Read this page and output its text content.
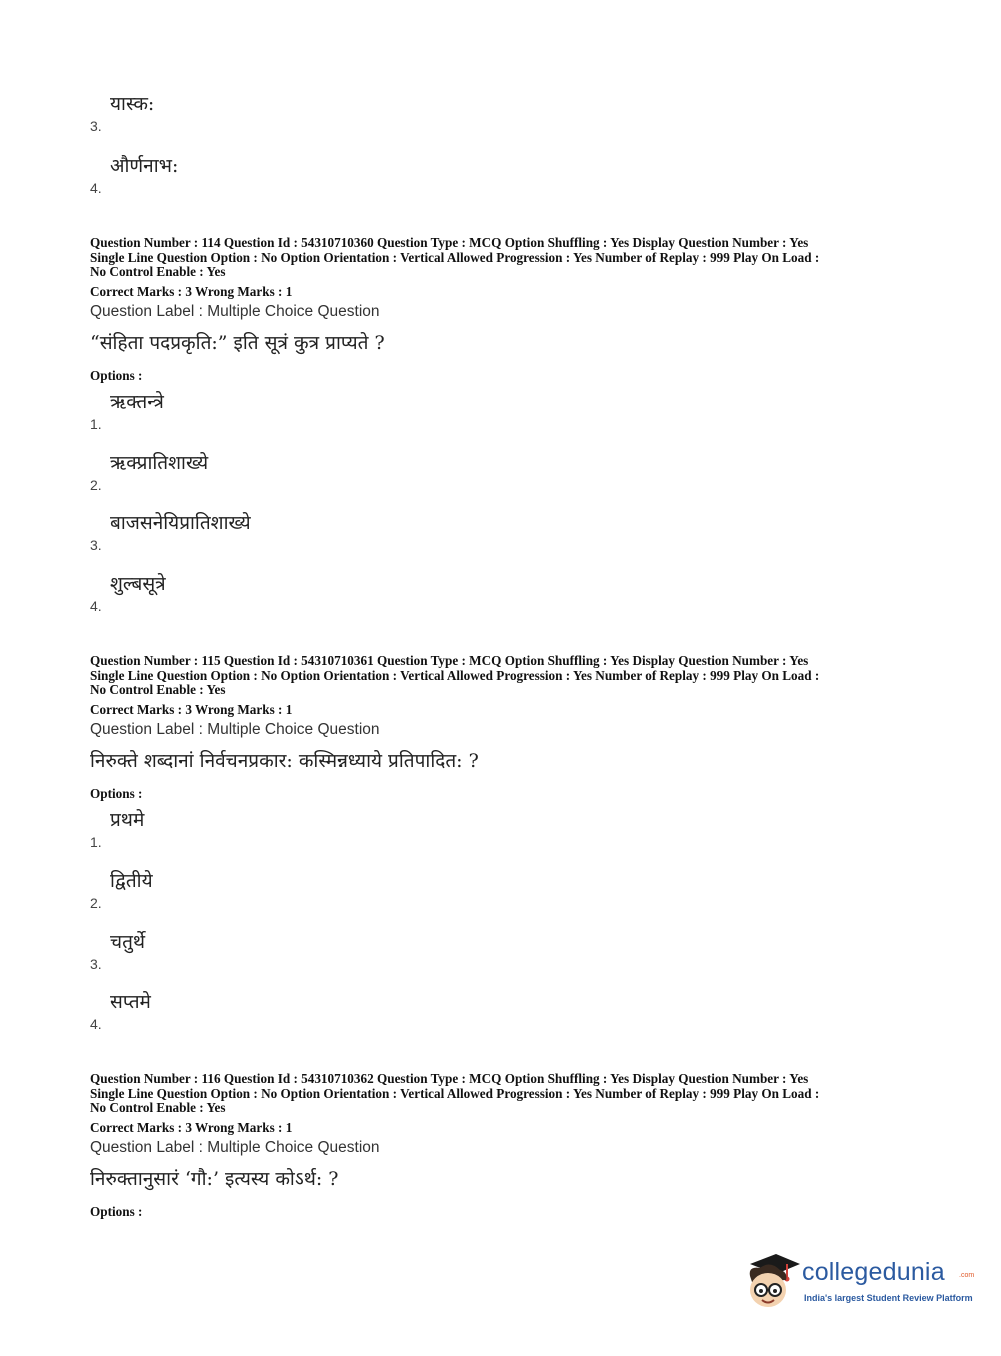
3.
यास्क:
4.
और्णनाभ:
Question Number : 114 Question Id : 54310710360 Question Type : MCQ Option Shuffling : Yes Display Question Number : Yes
Single Line Question Option : No Option Orientation : Vertical Allowed Progression : Yes Number of Replay : 999 Play On Load :
No Control Enable : Yes
Correct Marks : 3 Wrong Marks : 1
Question Label : Multiple Choice Question
“संहिता पदप्रकृति:” इति सूत्रं कुत्र प्राप्यते ?
Options :
1.
ऋक्तन्त्रे
2.
ऋक्प्रातिशाख्ये
3.
बाजसनेयिप्रातिशाख्ये
4.
शुल्बसूत्रे
Question Number : 115 Question Id : 54310710361 Question Type : MCQ Option Shuffling : Yes Display Question Number : Yes
Single Line Question Option : No Option Orientation : Vertical Allowed Progression : Yes Number of Replay : 999 Play On Load :
No Control Enable : Yes
Correct Marks : 3 Wrong Marks : 1
Question Label : Multiple Choice Question
निरुक्ते शब्दानां निर्वचनप्रकार: कस्मिन्नध्याये प्रतिपादित: ?
Options :
1.
प्रथमे
2.
द्वितीये
3.
चतुर्थे
4.
सप्तमे
Question Number : 116 Question Id : 54310710362 Question Type : MCQ Option Shuffling : Yes Display Question Number : Yes
Single Line Question Option : No Option Orientation : Vertical Allowed Progression : Yes Number of Replay : 999 Play On Load :
No Control Enable : Yes
Correct Marks : 3 Wrong Marks : 1
Question Label : Multiple Choice Question
निरुक्तानुसारं ‘गौ:’ इत्यस्य कोऽर्थ: ?
Options :
collegedunia .com
India's largest Student Review Platform
